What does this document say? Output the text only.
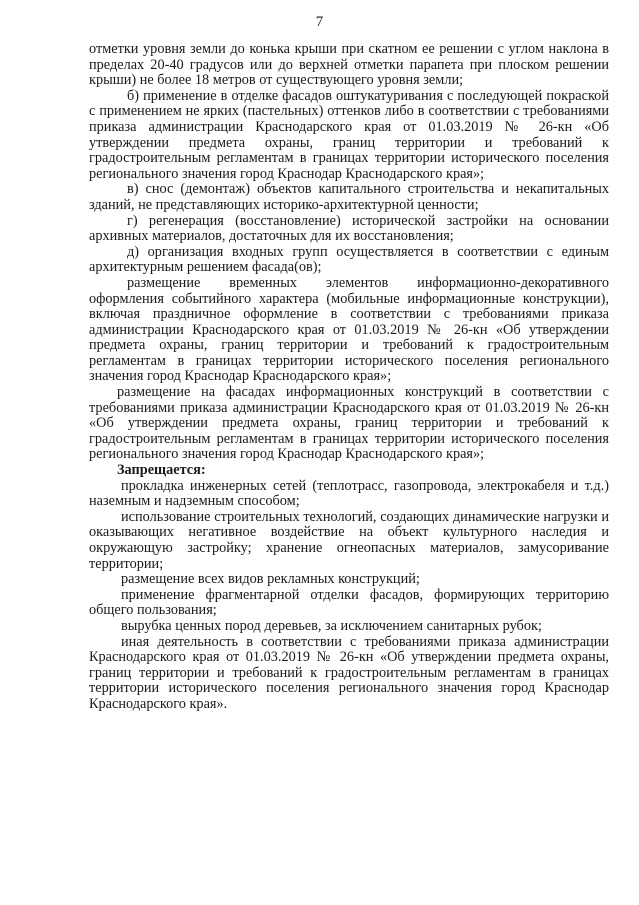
7

отметки уровня земли до конька крыши при скатном ее решении с углом наклона в пределах 20-40 градусов или до верхней отметки парапета при плоском решении крыши) не более 18 метров от существующего уровня земли;

б) применение в отделке фасадов оштукатуривания с последующей покраской с применением не ярких (пастельных) оттенков либо в соответствии с требованиями приказа администрации Краснодарского края от 01.03.2019 № 26-кн «Об утверждении предмета охраны, границ территории и требований к градостроительным регламентам в границах территории исторического поселения регионального значения город Краснодар Краснодарского края»;

в) снос (демонтаж) объектов капитального строительства и некапитальных зданий, не представляющих историко-архитектурной ценности;

г) регенерация (восстановление) исторической застройки на основании архивных материалов, достаточных для их восстановления;

д) организация входных групп осуществляется в соответствии с единым архитектурным решением фасада(ов);

размещение временных элементов информационно-декоративного оформления событийного характера (мобильные информационные конструкции), включая праздничное оформление в соответствии с требованиями приказа администрации Краснодарского края от 01.03.2019 № 26-кн «Об утверждении предмета охраны, границ территории и требований к градостроительным регламентам в границах территории исторического поселения регионального значения город Краснодар Краснодарского края»;

размещение на фасадах информационных конструкций в соответствии с требованиями приказа администрации Краснодарского края от 01.03.2019 № 26-кн «Об утверждении предмета охраны, границ территории и требований к градостроительным регламентам в границах территории исторического поселения регионального значения город Краснодар Краснодарского края»;

Запрещается:

прокладка инженерных сетей (теплотрасс, газопровода, электрокабеля и т.д.) наземным и надземным способом;

использование строительных технологий, создающих динамические нагрузки и оказывающих негативное воздействие на объект культурного наследия и окружающую застройку; хранение огнеопасных материалов, замусоривание территории;

размещение всех видов рекламных конструкций;

применение фрагментарной отделки фасадов, формирующих территорию общего пользования;

вырубка ценных пород деревьев, за исключением санитарных рубок;

иная деятельность в соответствии с требованиями приказа администрации Краснодарского края от 01.03.2019 № 26-кн «Об утверждении предмета охраны, границ территории и требований к градостроительным регламентам в границах территории исторического поселения регионального значения город Краснодар Краснодарского края».
